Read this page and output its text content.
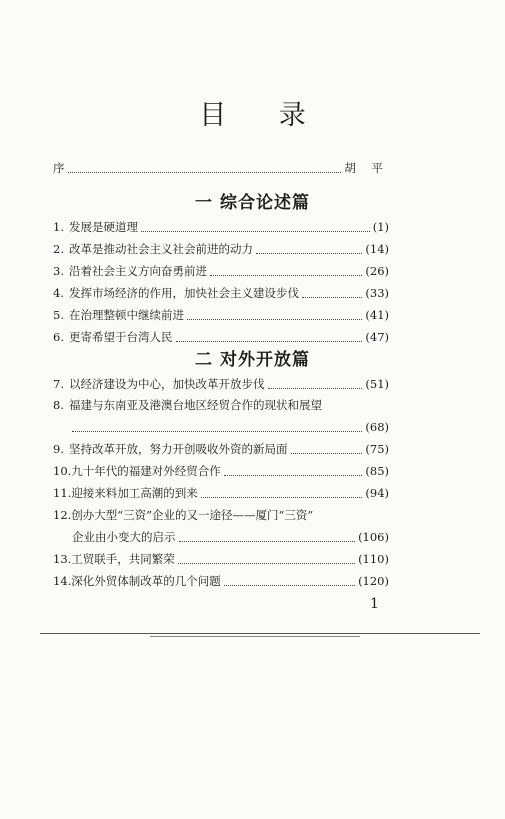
目 录
序	胡 平
一 综合论述篇
1. 发展是硬道理	(1)
2. 改革是推动社会主义社会前进的动力	(14)
3. 沿着社会主义方向奋勇前进	(26)
4. 发挥市场经济的作用，加快社会主义建设步伐	(33)
5. 在治理整顿中继续前进	(41)
6. 更寄希望于台湾人民	(47)
二 对外开放篇
7. 以经济建设为中心，加快改革开放步伐	(51)
8. 福建与东南亚及港澳台地区经贸合作的现状和展望
(68)
9. 坚持改革开放，努力开创吸收外资的新局面	(75)
10. 九十年代的福建对外经贸合作	(85)
11. 迎接来料加工高潮的到来	(94)
12. 创办大型“三资”企业的又一途径——厦门“三资”
企业由小变大的启示	(106)
13. 工贸联手，共同繁荣	(110)
14. 深化外贸体制改革的几个问题	(120)
1
